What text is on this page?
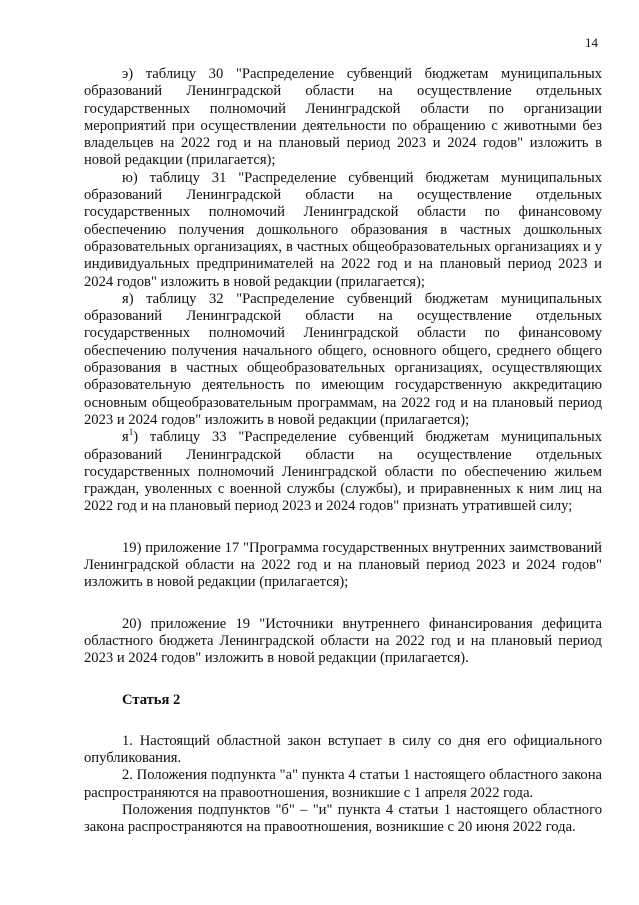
14

э) таблицу 30 "Распределение субвенций бюджетам муниципальных образований Ленинградской области на осуществление отдельных государственных полномочий Ленинградской области по организации мероприятий при осуществлении деятельности по обращению с животными без владельцев на 2022 год и на плановый период 2023 и 2024 годов" изложить в новой редакции (прилагается);

ю) таблицу 31 "Распределение субвенций бюджетам муниципальных образований Ленинградской области на осуществление отдельных государственных полномочий Ленинградской области по финансовому обеспечению получения дошкольного образования в частных дошкольных образовательных организациях, в частных общеобразовательных организациях и у индивидуальных предпринимателей на 2022 год и на плановый период 2023 и 2024 годов" изложить в новой редакции (прилагается);

я) таблицу 32 "Распределение субвенций бюджетам муниципальных образований Ленинградской области на осуществление отдельных государственных полномочий Ленинградской области по финансовому обеспечению получения начального общего, основного общего, среднего общего образования в частных общеобразовательных организациях, осуществляющих образовательную деятельность по имеющим государственную аккредитацию основным общеобразовательным программам, на 2022 год и на плановый период 2023 и 2024 годов" изложить в новой редакции (прилагается);

$я^1$) таблицу 33 "Распределение субвенций бюджетам муниципальных образований Ленинградской области на осуществление отдельных государственных полномочий Ленинградской области по обеспечению жильем граждан, уволенных с военной службы (службы), и приравненных к ним лиц на 2022 год и на плановый период 2023 и 2024 годов" признать утратившей силу;

19) приложение 17 "Программа государственных внутренних заимствований Ленинградской области на 2022 год и на плановый период 2023 и 2024 годов" изложить в новой редакции (прилагается);

20) приложение 19 "Источники внутреннего финансирования дефицита областного бюджета Ленинградской области на 2022 год и на плановый период 2023 и 2024 годов" изложить в новой редакции (прилагается).

Статья 2

1. Настоящий областной закон вступает в силу со дня его официального опубликования.

2. Положения подпункта "а" пункта 4 статьи 1 настоящего областного закона распространяются на правоотношения, возникшие с 1 апреля 2022 года.

Положения подпунктов "б" – "и" пункта 4 статьи 1 настоящего областного закона распространяются на правоотношения, возникшие с 20 июня 2022 года.
